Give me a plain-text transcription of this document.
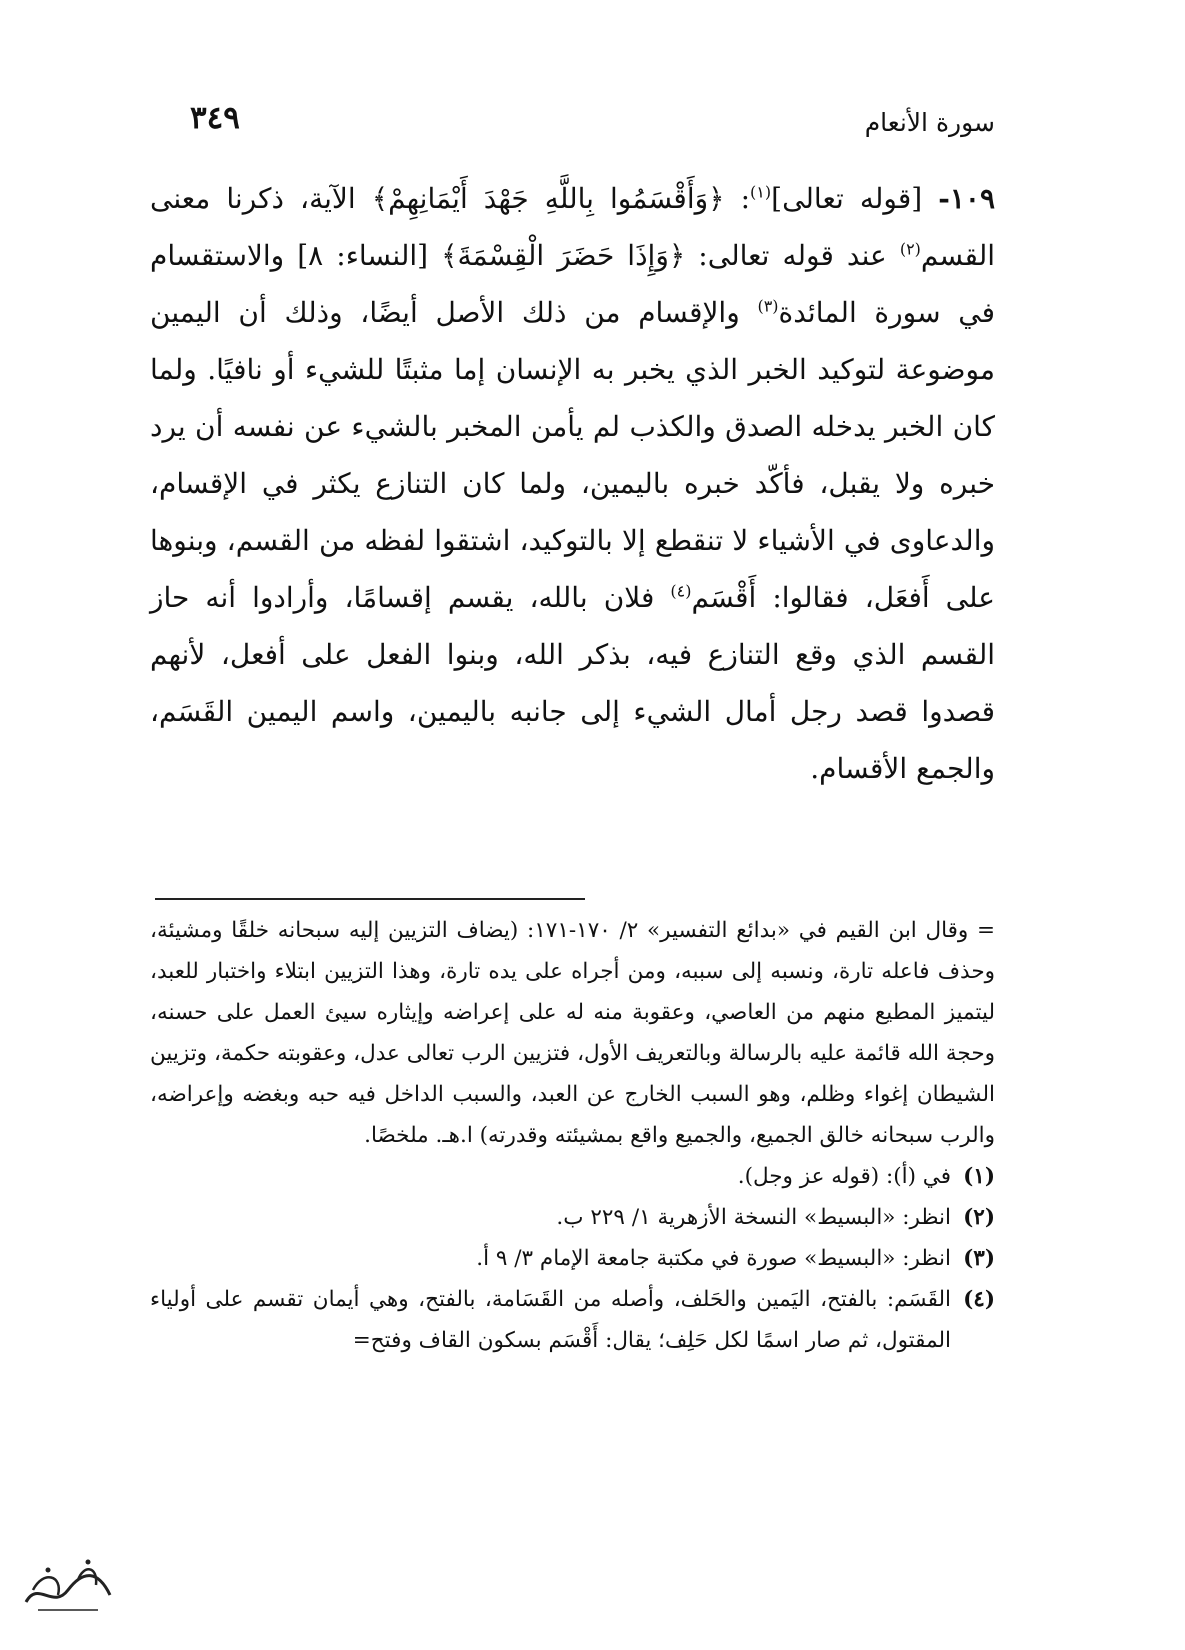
سورة الأنعام
٣٤٩

١٠٩- [قوله تعالى]$^{(١)}$: ﴿وَأَقْسَمُوا بِاللَّهِ جَهْدَ أَيْمَانِهِمْ﴾ الآية، ذكرنا معنى القسم$^{(٢)}$ عند قوله تعالى: ﴿وَإِذَا حَضَرَ الْقِسْمَةَ﴾ [النساء: ٨] والاستقسام في سورة المائدة$^{(٣)}$ والإقسام من ذلك الأصل أيضًا، وذلك أن اليمين موضوعة لتوكيد الخبر الذي يخبر به الإنسان إما مثبتًا للشيء أو نافيًا. ولما كان الخبر يدخله الصدق والكذب لم يأمن المخبر بالشيء عن نفسه أن يرد خبره ولا يقبل، فأكّد خبره باليمين، ولما كان التنازع يكثر في الإقسام، والدعاوى في الأشياء لا تنقطع إلا بالتوكيد، اشتقوا لفظه من القسم، وبنوها على أَفعَل، فقالوا: أَقْسَم$^{(٤)}$ فلان بالله، يقسم إقسامًا، وأرادوا أنه حاز القسم الذي وقع التنازع فيه، بذكر الله، وبنوا الفعل على أفعل، لأنهم قصدوا قصد رجل أمال الشيء إلى جانبه باليمين، واسم اليمين القَسَم، والجمع الأقسام.

= وقال ابن القيم في «بدائع التفسير» ٢/ ١٧٠-١٧١: (يضاف التزيين إليه سبحانه خلقًا ومشيئة، وحذف فاعله تارة، ونسبه إلى سببه، ومن أجراه على يده تارة، وهذا التزيين ابتلاء واختبار للعبد، ليتميز المطيع منهم من العاصي، وعقوبة منه له على إعراضه وإيثاره سيئ العمل على حسنه، وحجة الله قائمة عليه بالرسالة وبالتعريف الأول، فتزيين الرب تعالى عدل، وعقوبته حكمة، وتزيين الشيطان إغواء وظلم، وهو السبب الخارج عن العبد، والسبب الداخل فيه حبه وبغضه وإعراضه، والرب سبحانه خالق الجميع، والجميع واقع بمشيئته وقدرته) ا.هـ. ملخصًا.

(١)
في (أ): (قوله عز وجل).
(٢)
انظر: «البسيط» النسخة الأزهرية ١/ ٢٢٩ ب.
(٣)
انظر: «البسيط» صورة في مكتبة جامعة الإمام ٣/ ٩ أ.
(٤)
القَسَم: بالفتح، اليَمين والحَلف، وأصله من القَسَامة، بالفتح، وهي أيمان تقسم على أولياء المقتول، ثم صار اسمًا لكل حَلِف؛ يقال: أَقْسَم بسكون القاف وفتح=
